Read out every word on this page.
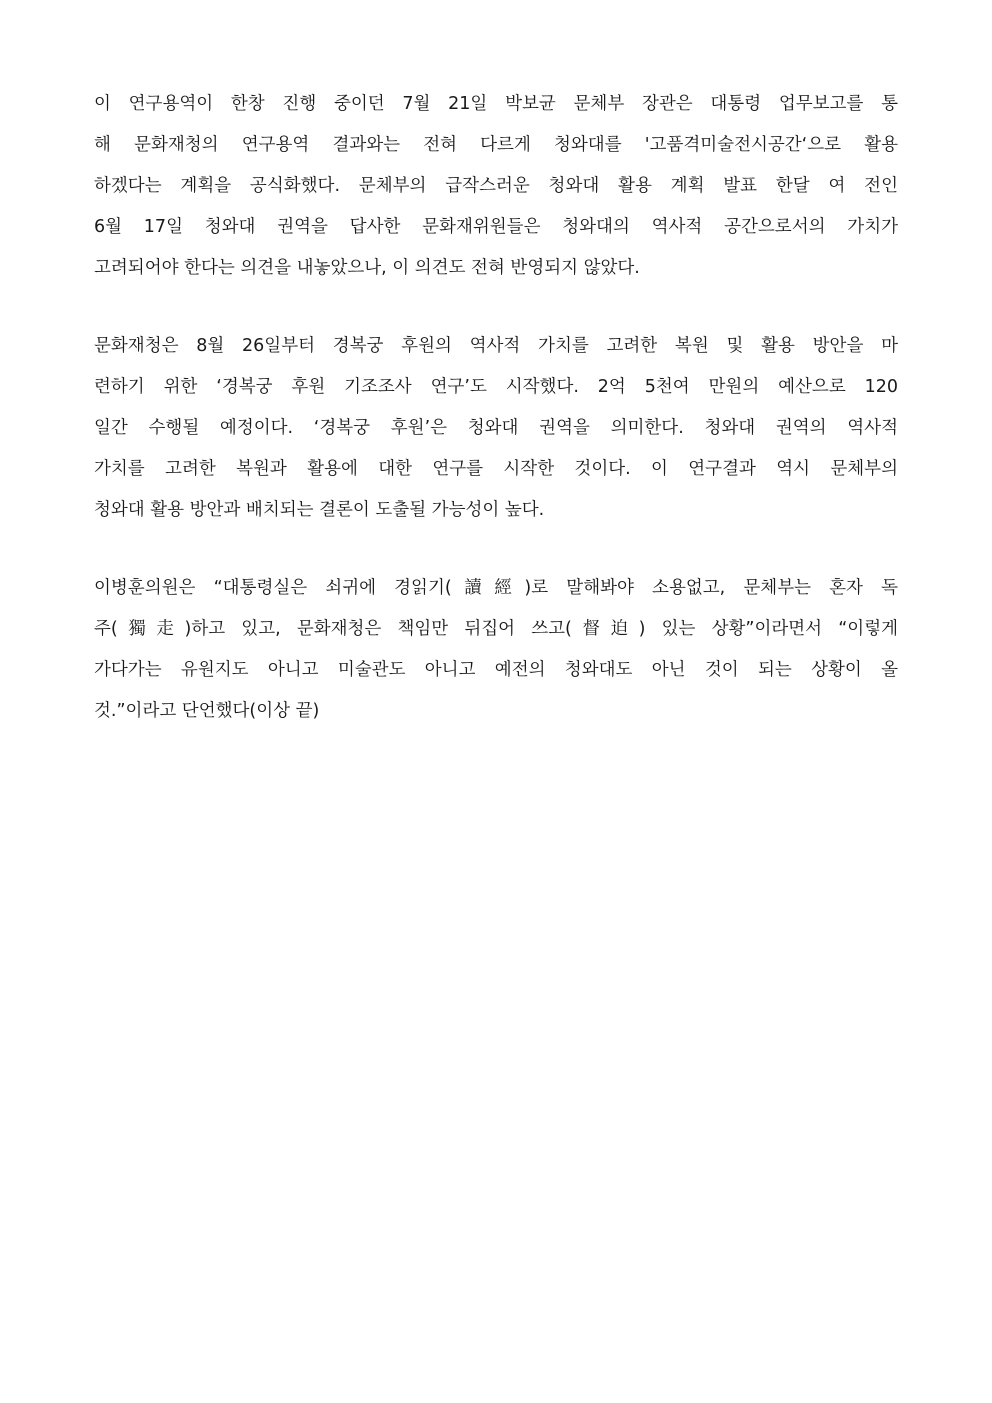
이 연구용역이 한창 진행 중이던 7월 21일 박보균 문체부 장관은 대통령 업무보고를 통
해 문화재청의 연구용역 결과와는 전혀 다르게 청와대를 '고품격미술전시공간‘으로 활용
하겠다는 계획을 공식화했다. 문체부의 급작스러운 청와대 활용 계획 발표 한달 여 전인
6월 17일 청와대 권역을 답사한 문화재위원들은 청와대의 역사적 공간으로서의 가치가
고려되어야 한다는 의견을 내놓았으나, 이 의견도 전혀 반영되지 않았다.
문화재청은 8월 26일부터 경복궁 후원의 역사적 가치를 고려한 복원 및 활용 방안을 마
련하기 위한 ‘경복궁 후원 기조조사 연구’도 시작했다. 2억 5천여 만원의 예산으로 120
일간 수행될 예정이다. ‘경복궁 후원’은 청와대 권역을 의미한다. 청와대 권역의 역사적
가치를 고려한 복원과 활용에 대한 연구를 시작한 것이다. 이 연구결과 역시 문체부의
청와대 활용 방안과 배치되는 결론이 도출될 가능성이 높다.
이병훈의원은 “대통령실은 쇠귀에 경읽기(讀經)로 말해봐야 소용없고, 문체부는 혼자 독
주(獨走)하고 있고, 문화재청은 책임만 뒤집어 쓰고(督迫) 있는 상황”이라면서 “이렇게
가다가는 유원지도 아니고 미술관도 아니고 예전의 청와대도 아닌 것이 되는 상황이 올
것.”이라고 단언했다(이상 끝)
